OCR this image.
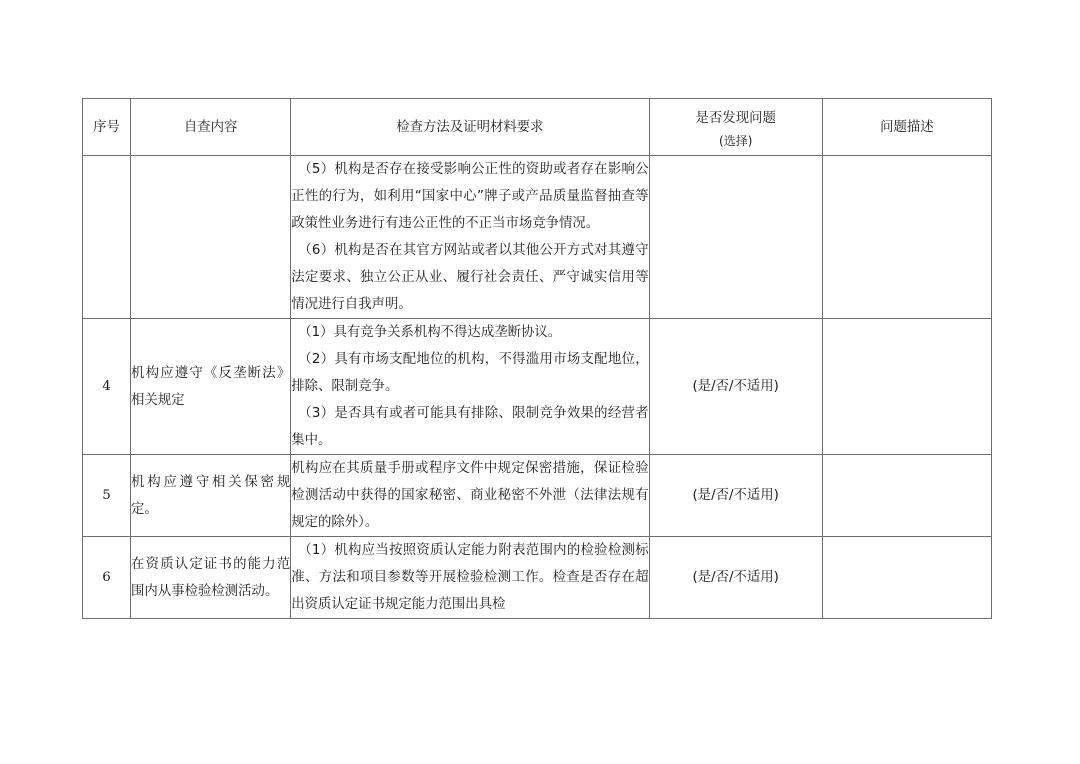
序号	自查内容	检查方法及证明材料要求	是否发现问题
(选择)	问题描述

		（5）机构是否存在接受影响公正性的资助或者存在影响公正性的行为，如利用“国家中心”牌子或产品质量监督抽查等政策性业务进行有违公正性的不正当市场竞争情况。
（6）机构是否在其官方网站或者以其他公开方式对其遵守法定要求、独立公正从业、履行社会责任、严守诚实信用等情况进行自我声明。		

4	机构应遵守《反垄断法》相关规定	（1）具有竞争关系机构不得达成垄断协议。
（2）具有市场支配地位的机构，不得滥用市场支配地位，排除、限制竞争。
（3）是否具有或者可能具有排除、限制竞争效果的经营者集中。	(是/否/不适用)	
5	机构应遵守相关保密规定。	机构应在其质量手册或程序文件中规定保密措施，保证检验检测活动中获得的国家秘密、商业秘密不外泄（法律法规有规定的除外）。	(是/否/不适用)	
6	在资质认定证书的能力范围内从事检验检测活动。	（1）机构应当按照资质认定能力附表范围内的检验检测标准、方法和项目参数等开展检验检测工作。检查是否存在超出资质认定证书规定能力范围出具检	(是/否/不适用)	
